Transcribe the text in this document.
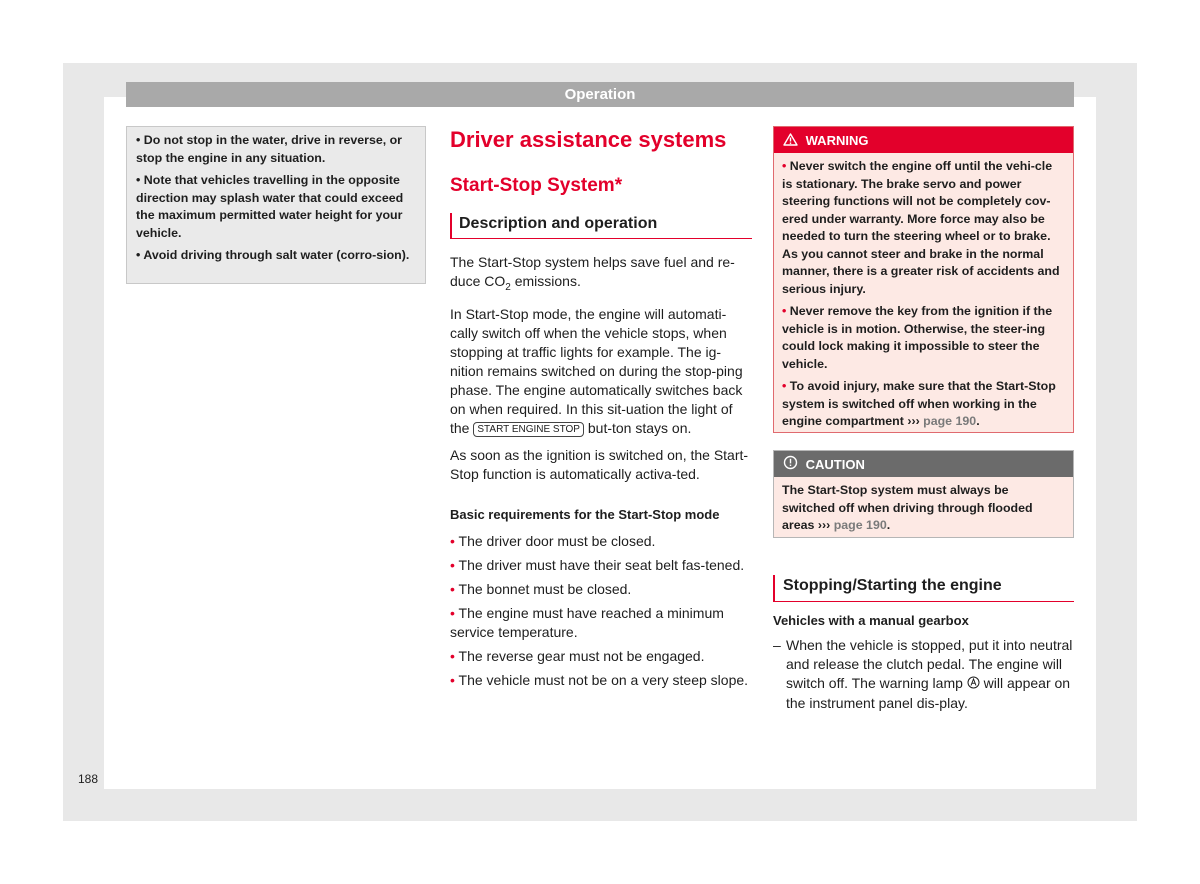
Operation

• Do not stop in the water, drive in reverse, or stop the engine in any situation.

• Note that vehicles travelling in the opposite direction may splash water that could exceed the maximum permitted water height for your vehicle.

• Avoid driving through salt water (corro-sion).

Driver assistance systems
Start-Stop System*
Description and operation

The Start-Stop system helps save fuel and re-duce $CO_2$ emissions.

In Start-Stop mode, the engine will automati-cally switch off when the vehicle stops, when stopping at traffic lights for example. The ig-nition remains switched on during the stop-ping phase. The engine automatically switches back on when required. In this sit-uation the light of the START ENGINE STOP but-ton stays on.

As soon as the ignition is switched on, the Start-Stop function is automatically activa-ted.

Basic requirements for the Start-Stop mode

• The driver door must be closed.

• The driver must have their seat belt fas-tened.

• The bonnet must be closed.

• The engine must have reached a minimum service temperature.

• The reverse gear must not be engaged.

• The vehicle must not be on a very steep slope.

WARNING

• Never switch the engine off until the vehi-cle is stationary. The brake servo and power steering functions will not be completely cov-ered under warranty. More force may also be needed to turn the steering wheel or to brake. As you cannot steer and brake in the normal manner, there is a greater risk of accidents and serious injury.

• Never remove the key from the ignition if the vehicle is in motion. Otherwise, the steer-ing could lock making it impossible to steer the vehicle.

• To avoid injury, make sure that the Start-Stop system is switched off when working in the engine compartment ››› page 190.

CAUTION

The Start-Stop system must always be switched off when driving through flooded areas ››› page 190.

Stopping/Starting the engine
Vehicles with a manual gearbox

– When the vehicle is stopped, put it into neutral and release the clutch pedal. The engine will switch off. The warning lamp  will appear on the instrument panel dis-play.

188
